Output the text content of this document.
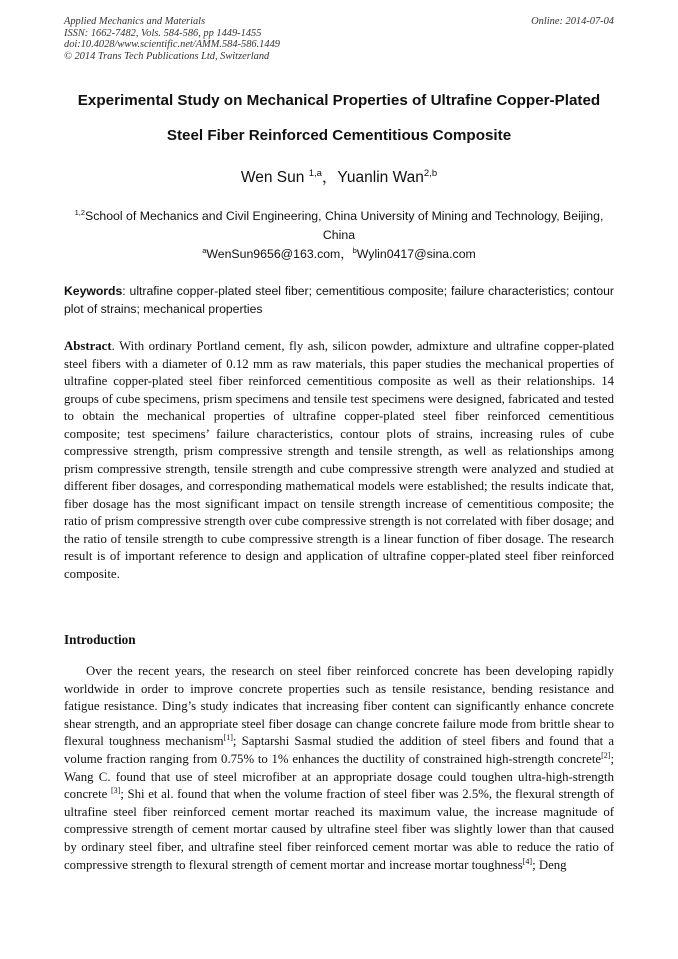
Applied Mechanics and Materials
ISSN: 1662-7482, Vols. 584-586, pp 1449-1455
doi:10.4028/www.scientific.net/AMM.584-586.1449
© 2014 Trans Tech Publications Ltd, Switzerland
Online: 2014-07-04
Experimental Study on Mechanical Properties of Ultrafine Copper-Plated
Steel Fiber Reinforced Cementitious Composite
Wen Sun $^{1,a}$，Yuanlin Wan$^{2,b}$
$^{1,2}$School of Mechanics and Civil Engineering, China University of Mining and Technology, Beijing, China
$^a$WenSun9656@163.com，$^b$Wylin0417@sina.com
Keywords: ultrafine copper-plated steel fiber; cementitious composite; failure characteristics; contour plot of strains; mechanical properties
Abstract. With ordinary Portland cement, fly ash, silicon powder, admixture and ultrafine copper-plated steel fibers with a diameter of 0.12 mm as raw materials, this paper studies the mechanical properties of ultrafine copper-plated steel fiber reinforced cementitious composite as well as their relationships. 14 groups of cube specimens, prism specimens and tensile test specimens were designed, fabricated and tested to obtain the mechanical properties of ultrafine copper-plated steel fiber reinforced cementitious composite; test specimens’ failure characteristics, contour plots of strains, increasing rules of cube compressive strength, prism compressive strength and tensile strength, as well as relationships among prism compressive strength, tensile strength and cube compressive strength were analyzed and studied at different fiber dosages, and corresponding mathematical models were established; the results indicate that, fiber dosage has the most significant impact on tensile strength increase of cementitious composite; the ratio of prism compressive strength over cube compressive strength is not correlated with fiber dosage; and the ratio of tensile strength to cube compressive strength is a linear function of fiber dosage. The research result is of important reference to design and application of ultrafine copper-plated steel fiber reinforced composite.
Introduction
Over the recent years, the research on steel fiber reinforced concrete has been developing rapidly worldwide in order to improve concrete properties such as tensile resistance, bending resistance and fatigue resistance. Ding’s study indicates that increasing fiber content can significantly enhance concrete shear strength, and an appropriate steel fiber dosage can change concrete failure mode from brittle shear to flexural toughness mechanism[1]; Saptarshi Sasmal studied the addition of steel fibers and found that a volume fraction ranging from 0.75% to 1% enhances the ductility of constrained high-strength concrete[2]; Wang C. found that use of steel microfiber at an appropriate dosage could toughen ultra-high-strength concrete [3]; Shi et al. found that when the volume fraction of steel fiber was 2.5%, the flexural strength of ultrafine steel fiber reinforced cement mortar reached its maximum value, the increase magnitude of compressive strength of cement mortar caused by ultrafine steel fiber was slightly lower than that caused by ordinary steel fiber, and ultrafine steel fiber reinforced cement mortar was able to reduce the ratio of compressive strength to flexural strength of cement mortar and increase mortar toughness[4]; Deng
